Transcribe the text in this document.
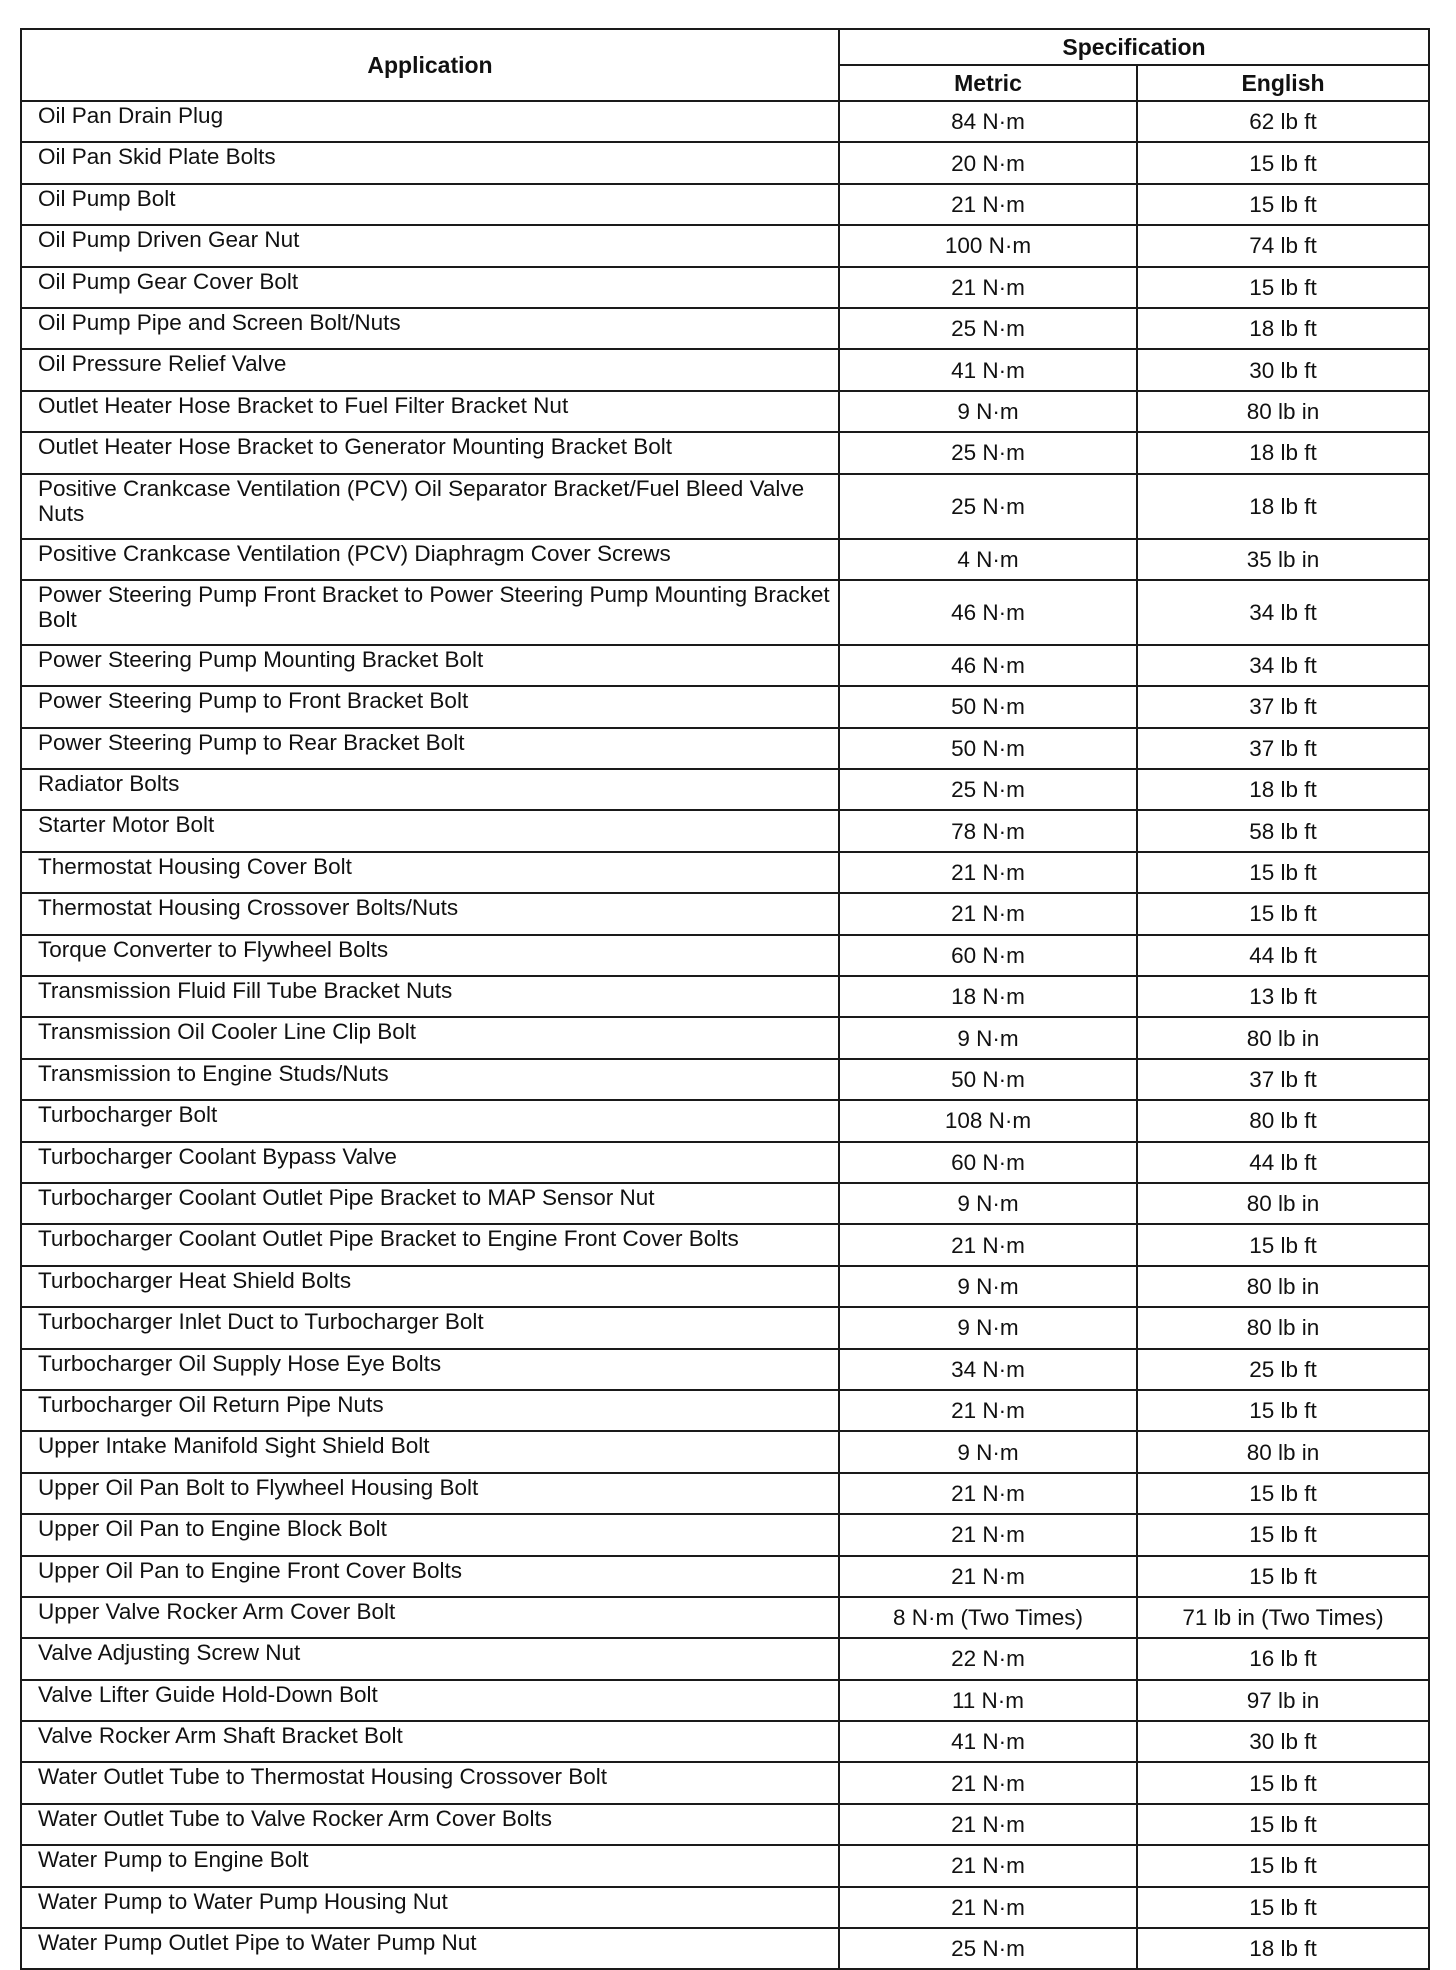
Application	Specification	
	Metric	English
Oil Pan Drain Plug	84 N·m	62 lb ft
Oil Pan Skid Plate Bolts	20 N·m	15 lb ft
Oil Pump Bolt	21 N·m	15 lb ft
Oil Pump Driven Gear Nut	100 N·m	74 lb ft
Oil Pump Gear Cover Bolt	21 N·m	15 lb ft
Oil Pump Pipe and Screen Bolt/Nuts	25 N·m	18 lb ft
Oil Pressure Relief Valve	41 N·m	30 lb ft
Outlet Heater Hose Bracket to Fuel Filter Bracket Nut	9 N·m	80 lb in
Outlet Heater Hose Bracket to Generator Mounting Bracket Bolt	25 N·m	18 lb ft
Positive Crankcase Ventilation (PCV) Oil Separator Bracket/Fuel Bleed Valve Nuts	25 N·m	18 lb ft
Positive Crankcase Ventilation (PCV) Diaphragm Cover Screws	4 N·m	35 lb in
Power Steering Pump Front Bracket to Power Steering Pump Mounting Bracket Bolt	46 N·m	34 lb ft
Power Steering Pump Mounting Bracket Bolt	46 N·m	34 lb ft
Power Steering Pump to Front Bracket Bolt	50 N·m	37 lb ft
Power Steering Pump to Rear Bracket Bolt	50 N·m	37 lb ft
Radiator Bolts	25 N·m	18 lb ft
Starter Motor Bolt	78 N·m	58 lb ft
Thermostat Housing Cover Bolt	21 N·m	15 lb ft
Thermostat Housing Crossover Bolts/Nuts	21 N·m	15 lb ft
Torque Converter to Flywheel Bolts	60 N·m	44 lb ft
Transmission Fluid Fill Tube Bracket Nuts	18 N·m	13 lb ft
Transmission Oil Cooler Line Clip Bolt	9 N·m	80 lb in
Transmission to Engine Studs/Nuts	50 N·m	37 lb ft
Turbocharger Bolt	108 N·m	80 lb ft
Turbocharger Coolant Bypass Valve	60 N·m	44 lb ft
Turbocharger Coolant Outlet Pipe Bracket to MAP Sensor Nut	9 N·m	80 lb in
Turbocharger Coolant Outlet Pipe Bracket to Engine Front Cover Bolts	21 N·m	15 lb ft
Turbocharger Heat Shield Bolts	9 N·m	80 lb in
Turbocharger Inlet Duct to Turbocharger Bolt	9 N·m	80 lb in
Turbocharger Oil Supply Hose Eye Bolts	34 N·m	25 lb ft
Turbocharger Oil Return Pipe Nuts	21 N·m	15 lb ft
Upper Intake Manifold Sight Shield Bolt	9 N·m	80 lb in
Upper Oil Pan Bolt to Flywheel Housing Bolt	21 N·m	15 lb ft
Upper Oil Pan to Engine Block Bolt	21 N·m	15 lb ft
Upper Oil Pan to Engine Front Cover Bolts	21 N·m	15 lb ft
Upper Valve Rocker Arm Cover Bolt	8 N·m (Two Times)	71 lb in (Two Times)
Valve Adjusting Screw Nut	22 N·m	16 lb ft
Valve Lifter Guide Hold-Down Bolt	11 N·m	97 lb in
Valve Rocker Arm Shaft Bracket Bolt	41 N·m	30 lb ft
Water Outlet Tube to Thermostat Housing Crossover Bolt	21 N·m	15 lb ft
Water Outlet Tube to Valve Rocker Arm Cover Bolts	21 N·m	15 lb ft
Water Pump to Engine Bolt	21 N·m	15 lb ft
Water Pump to Water Pump Housing Nut	21 N·m	15 lb ft
Water Pump Outlet Pipe to Water Pump Nut	25 N·m	18 lb ft
